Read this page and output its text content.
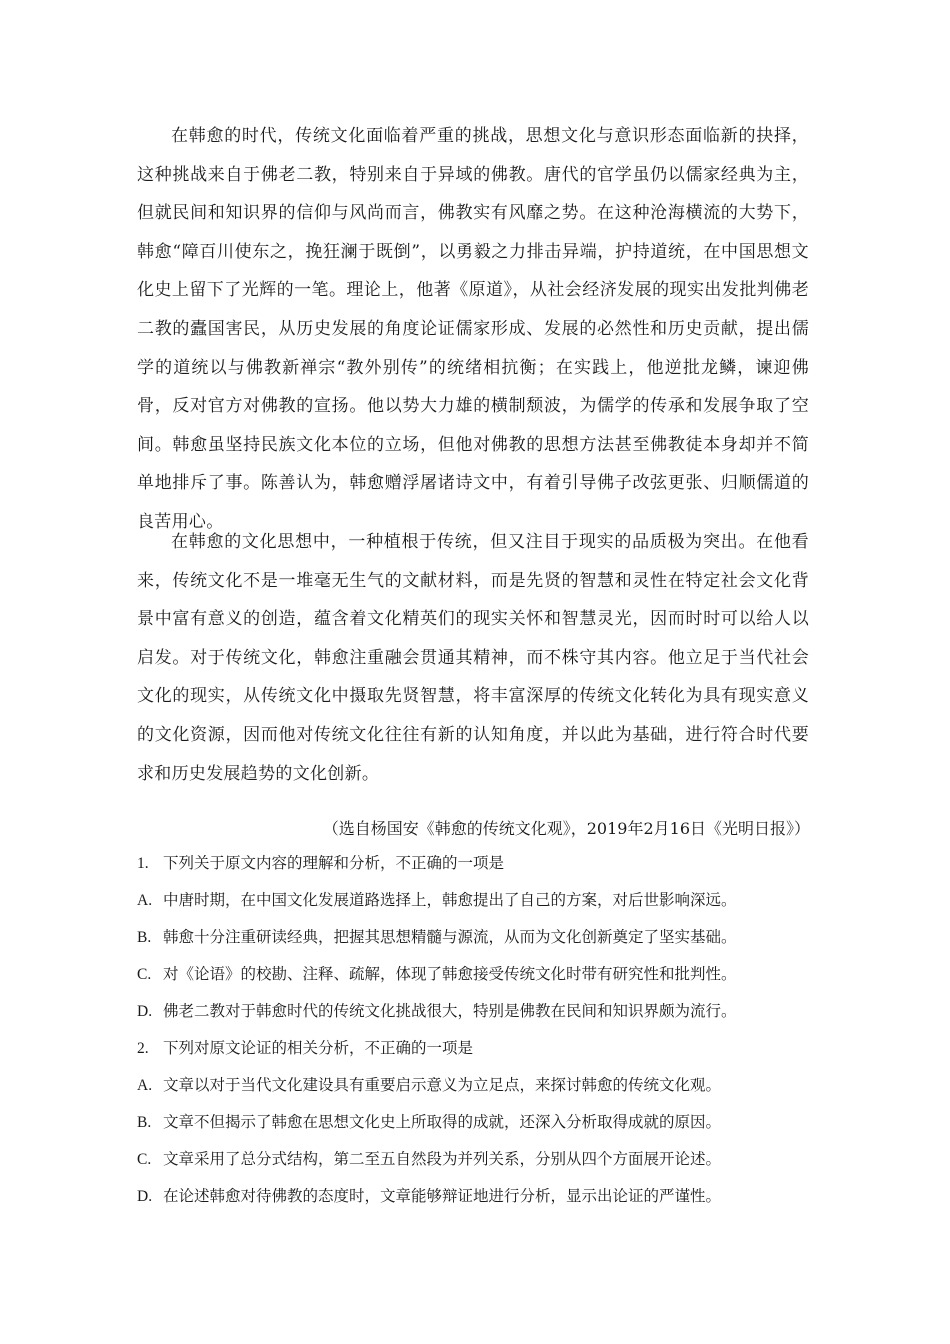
在韩愈的时代，传统文化面临着严重的挑战，思想文化与意识形态面临新的抉择，这种挑战来自于佛老二教，特别来自于异域的佛教。唐代的官学虽仍以儒家经典为主，但就民间和知识界的信仰与风尚而言，佛教实有风靡之势。在这种沧海横流的大势下，韩愈“障百川使东之，挽狂澜于既倒”，以勇毅之力排击异端，护持道统，在中国思想文化史上留下了光辉的一笔。理论上，他著《原道》，从社会经济发展的现实出发批判佛老二教的蠹国害民，从历史发展的角度论证儒家形成、发展的必然性和历史贡献，提出儒学的道统以与佛教新禅宗“教外别传”的统绪相抗衡；在实践上，他逆批龙鳞，谏迎佛骨，反对官方对佛教的宣扬。他以势大力雄的横制颓波，为儒学的传承和发展争取了空间。韩愈虽坚持民族文化本位的立场，但他对佛教的思想方法甚至佛教徒本身却并不简单地排斥了事。陈善认为，韩愈赠浮屠诸诗文中，有着引导佛子改弦更张、归顺儒道的良苦用心。

在韩愈的文化思想中，一种植根于传统，但又注目于现实的品质极为突出。在他看来，传统文化不是一堆毫无生气的文献材料，而是先贤的智慧和灵性在特定社会文化背景中富有意义的创造，蕴含着文化精英们的现实关怀和智慧灵光，因而时时可以给人以启发。对于传统文化，韩愈注重融会贯通其精神，而不株守其内容。他立足于当代社会文化的现实，从传统文化中摄取先贤智慧，将丰富深厚的传统文化转化为具有现实意义的文化资源，因而他对传统文化往往有新的认知角度，并以此为基础，进行符合时代要求和历史发展趋势的文化创新。

（选自杨国安《韩愈的传统文化观》，2019年2月16日《光明日报》）
1. 下列关于原文内容的理解和分析，不正确的一项是
A. 中唐时期，在中国文化发展道路选择上，韩愈提出了自己的方案，对后世影响深远。
B. 韩愈十分注重研读经典，把握其思想精髓与源流，从而为文化创新奠定了坚实基础。
C. 对《论语》的校勘、注释、疏解，体现了韩愈接受传统文化时带有研究性和批判性。
D. 佛老二教对于韩愈时代的传统文化挑战很大，特别是佛教在民间和知识界颇为流行。
2. 下列对原文论证的相关分析，不正确的一项是
A. 文章以对于当代文化建设具有重要启示意义为立足点，来探讨韩愈的传统文化观。
B. 文章不但揭示了韩愈在思想文化史上所取得的成就，还深入分析取得成就的原因。
C. 文章采用了总分式结构，第二至五自然段为并列关系，分别从四个方面展开论述。
D. 在论述韩愈对待佛教的态度时，文章能够辩证地进行分析，显示出论证的严谨性。
